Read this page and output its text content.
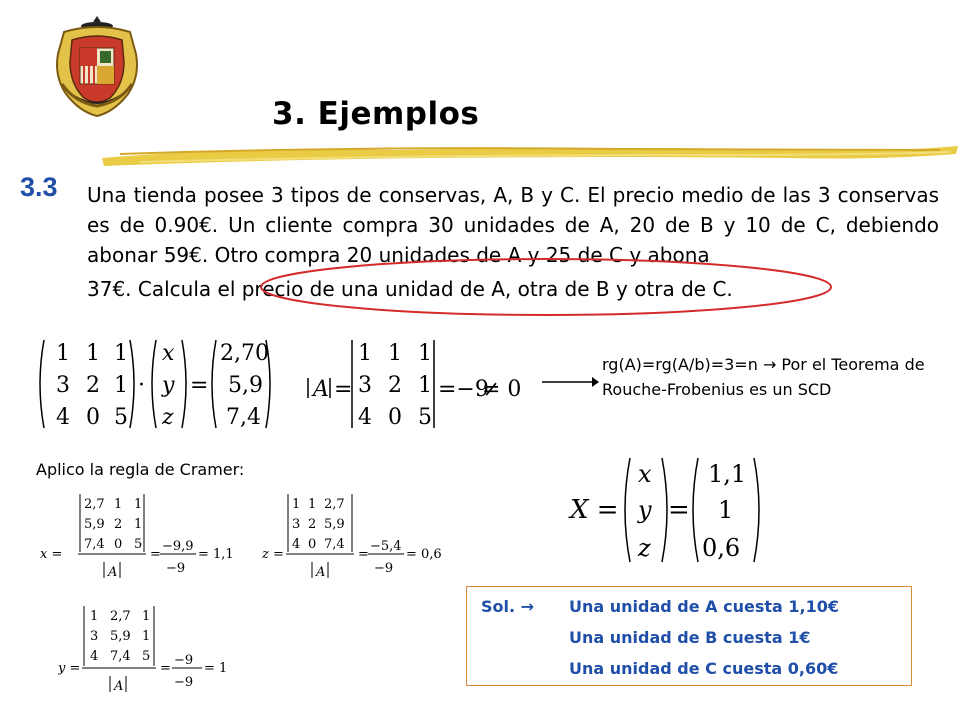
3. Ejemplos
3.3 Una tienda posee 3 tipos de conservas, A, B y C. El precio medio de las 3 conservas es de 0.90€. Un cliente compra 30 unidades de A, 20 de B y 10 de C, debiendo abonar 59€. Otro compra 20 unidades de A y 25 de C y abona
37€. Calcula el precio de una unidad de A, otra de B y otra de C.
1 1 1
3 2 1
4 0 5
·
x
y
z
=
2,70
5,9
7,4
A =
1 1 1
3 2 1
4 0 5
=−9
≠ 0
rg(A)=rg(A/b)=3=n → Por el Teorema de Rouche-Frobenius es un SCD
Aplico la regla de Cramer:
x =
2,7 1 1
5,9 2 1
7,4 0 5
A
=
−9,9
−9
= 1,1 z =
1 1 2,7
3 2 5,9
4 0 7,4
A
=
−5,4
−9
= 0,6
y =
1 2,7 1
3 5,9 1
4 7,4 5
A
=
−9
−9
= 1
X =
x
y
z
=
1,1
1
0,6
Sol. → Una unidad de A cuesta 1,10€
Una unidad de B cuesta 1€
Una unidad de C cuesta 0,60€
